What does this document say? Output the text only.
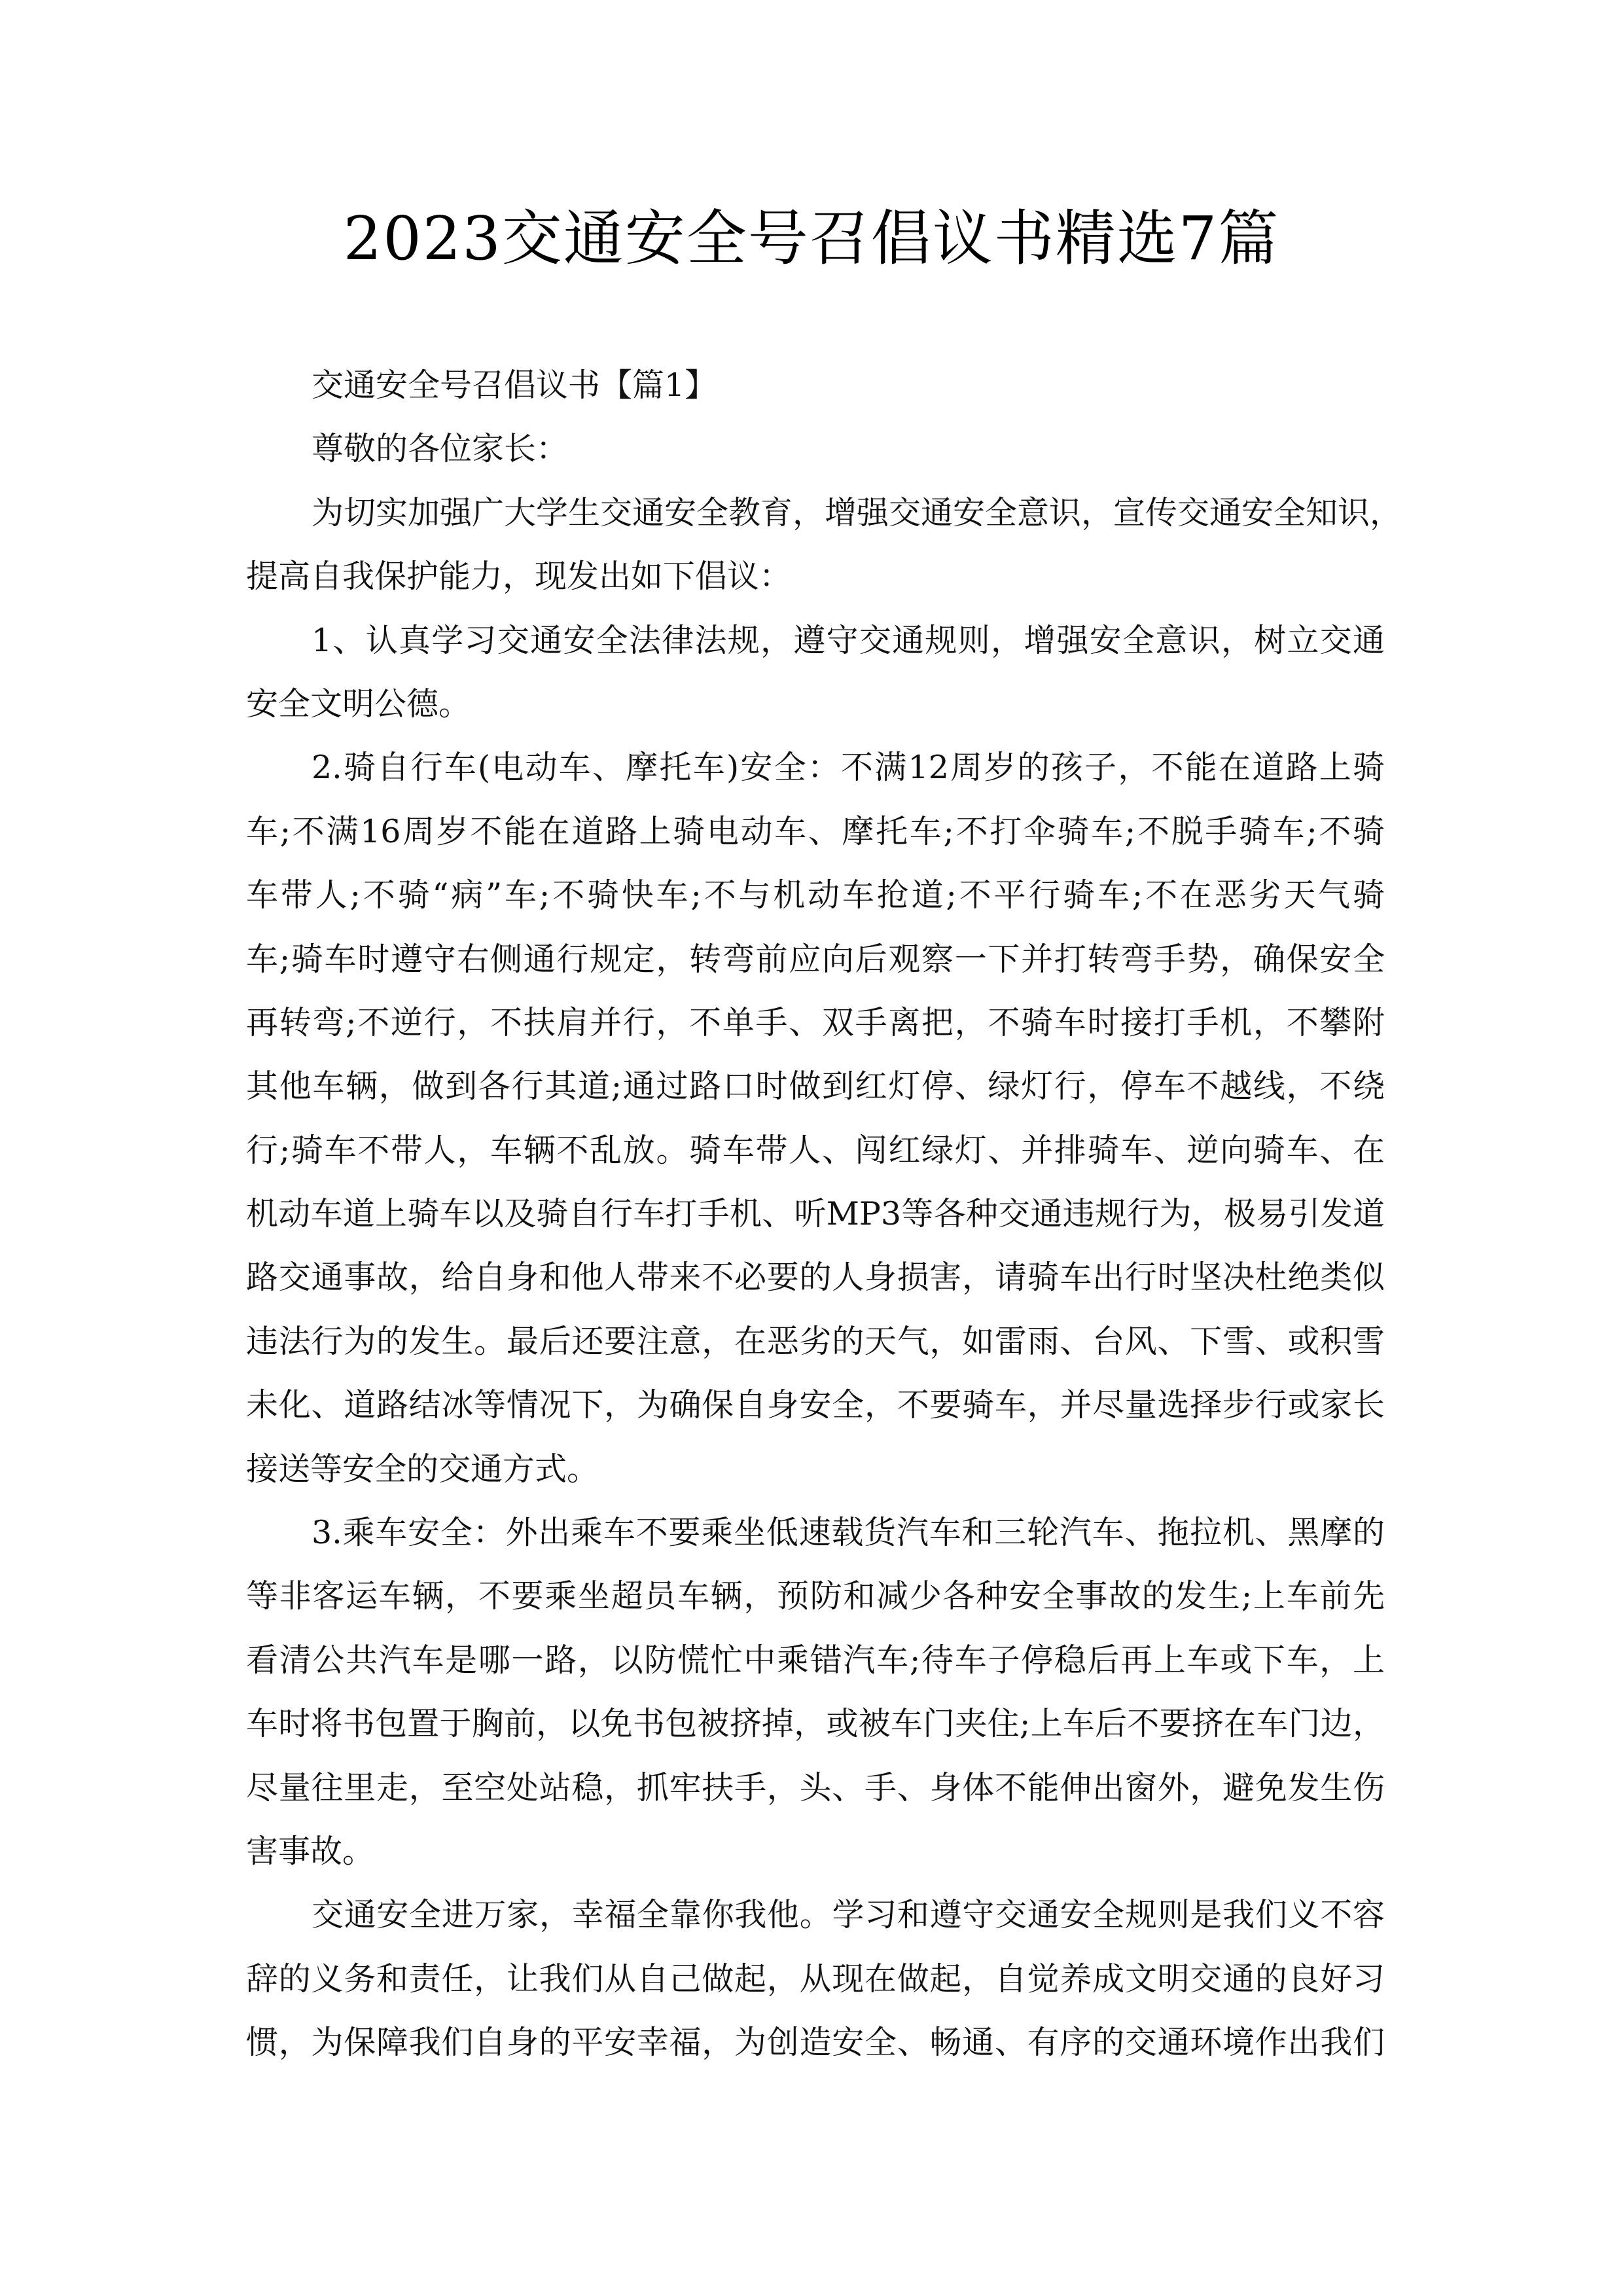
2023交通安全号召倡议书精选7篇
交通安全号召倡议书【篇1】
尊敬的各位家长：
为切实加强广大学生交通安全教育，增强交通安全意识，宣传交通安全知识，
提高自我保护能力，现发出如下倡议：
1、认真学习交通安全法律法规，遵守交通规则，增强安全意识，树立交通
安全文明公德。
2.骑自行车(电动车、摩托车)安全：不满12周岁的孩子，不能在道路上骑
车;不满16周岁不能在道路上骑电动车、摩托车;不打伞骑车;不脱手骑车;不骑
车带人;不骑“病”车;不骑快车;不与机动车抢道;不平行骑车;不在恶劣天气骑
车;骑车时遵守右侧通行规定，转弯前应向后观察一下并打转弯手势，确保安全
再转弯;不逆行，不扶肩并行，不单手、双手离把，不骑车时接打手机，不攀附
其他车辆，做到各行其道;通过路口时做到红灯停、绿灯行，停车不越线，不绕
行;骑车不带人，车辆不乱放。骑车带人、闯红绿灯、并排骑车、逆向骑车、在
机动车道上骑车以及骑自行车打手机、听MP3等各种交通违规行为，极易引发道
路交通事故，给自身和他人带来不必要的人身损害，请骑车出行时坚决杜绝类似
违法行为的发生。最后还要注意，在恶劣的天气，如雷雨、台风、下雪、或积雪
未化、道路结冰等情况下，为确保自身安全，不要骑车，并尽量选择步行或家长
接送等安全的交通方式。
3.乘车安全：外出乘车不要乘坐低速载货汽车和三轮汽车、拖拉机、黑摩的
等非客运车辆，不要乘坐超员车辆，预防和减少各种安全事故的发生;上车前先
看清公共汽车是哪一路，以防慌忙中乘错汽车;待车子停稳后再上车或下车，上
车时将书包置于胸前，以免书包被挤掉，或被车门夹住;上车后不要挤在车门边，
尽量往里走，至空处站稳，抓牢扶手，头、手、身体不能伸出窗外，避免发生伤
害事故。
交通安全进万家，幸福全靠你我他。学习和遵守交通安全规则是我们义不容
辞的义务和责任，让我们从自己做起，从现在做起，自觉养成文明交通的良好习
惯，为保障我们自身的平安幸福，为创造安全、畅通、有序的交通环境作出我们
